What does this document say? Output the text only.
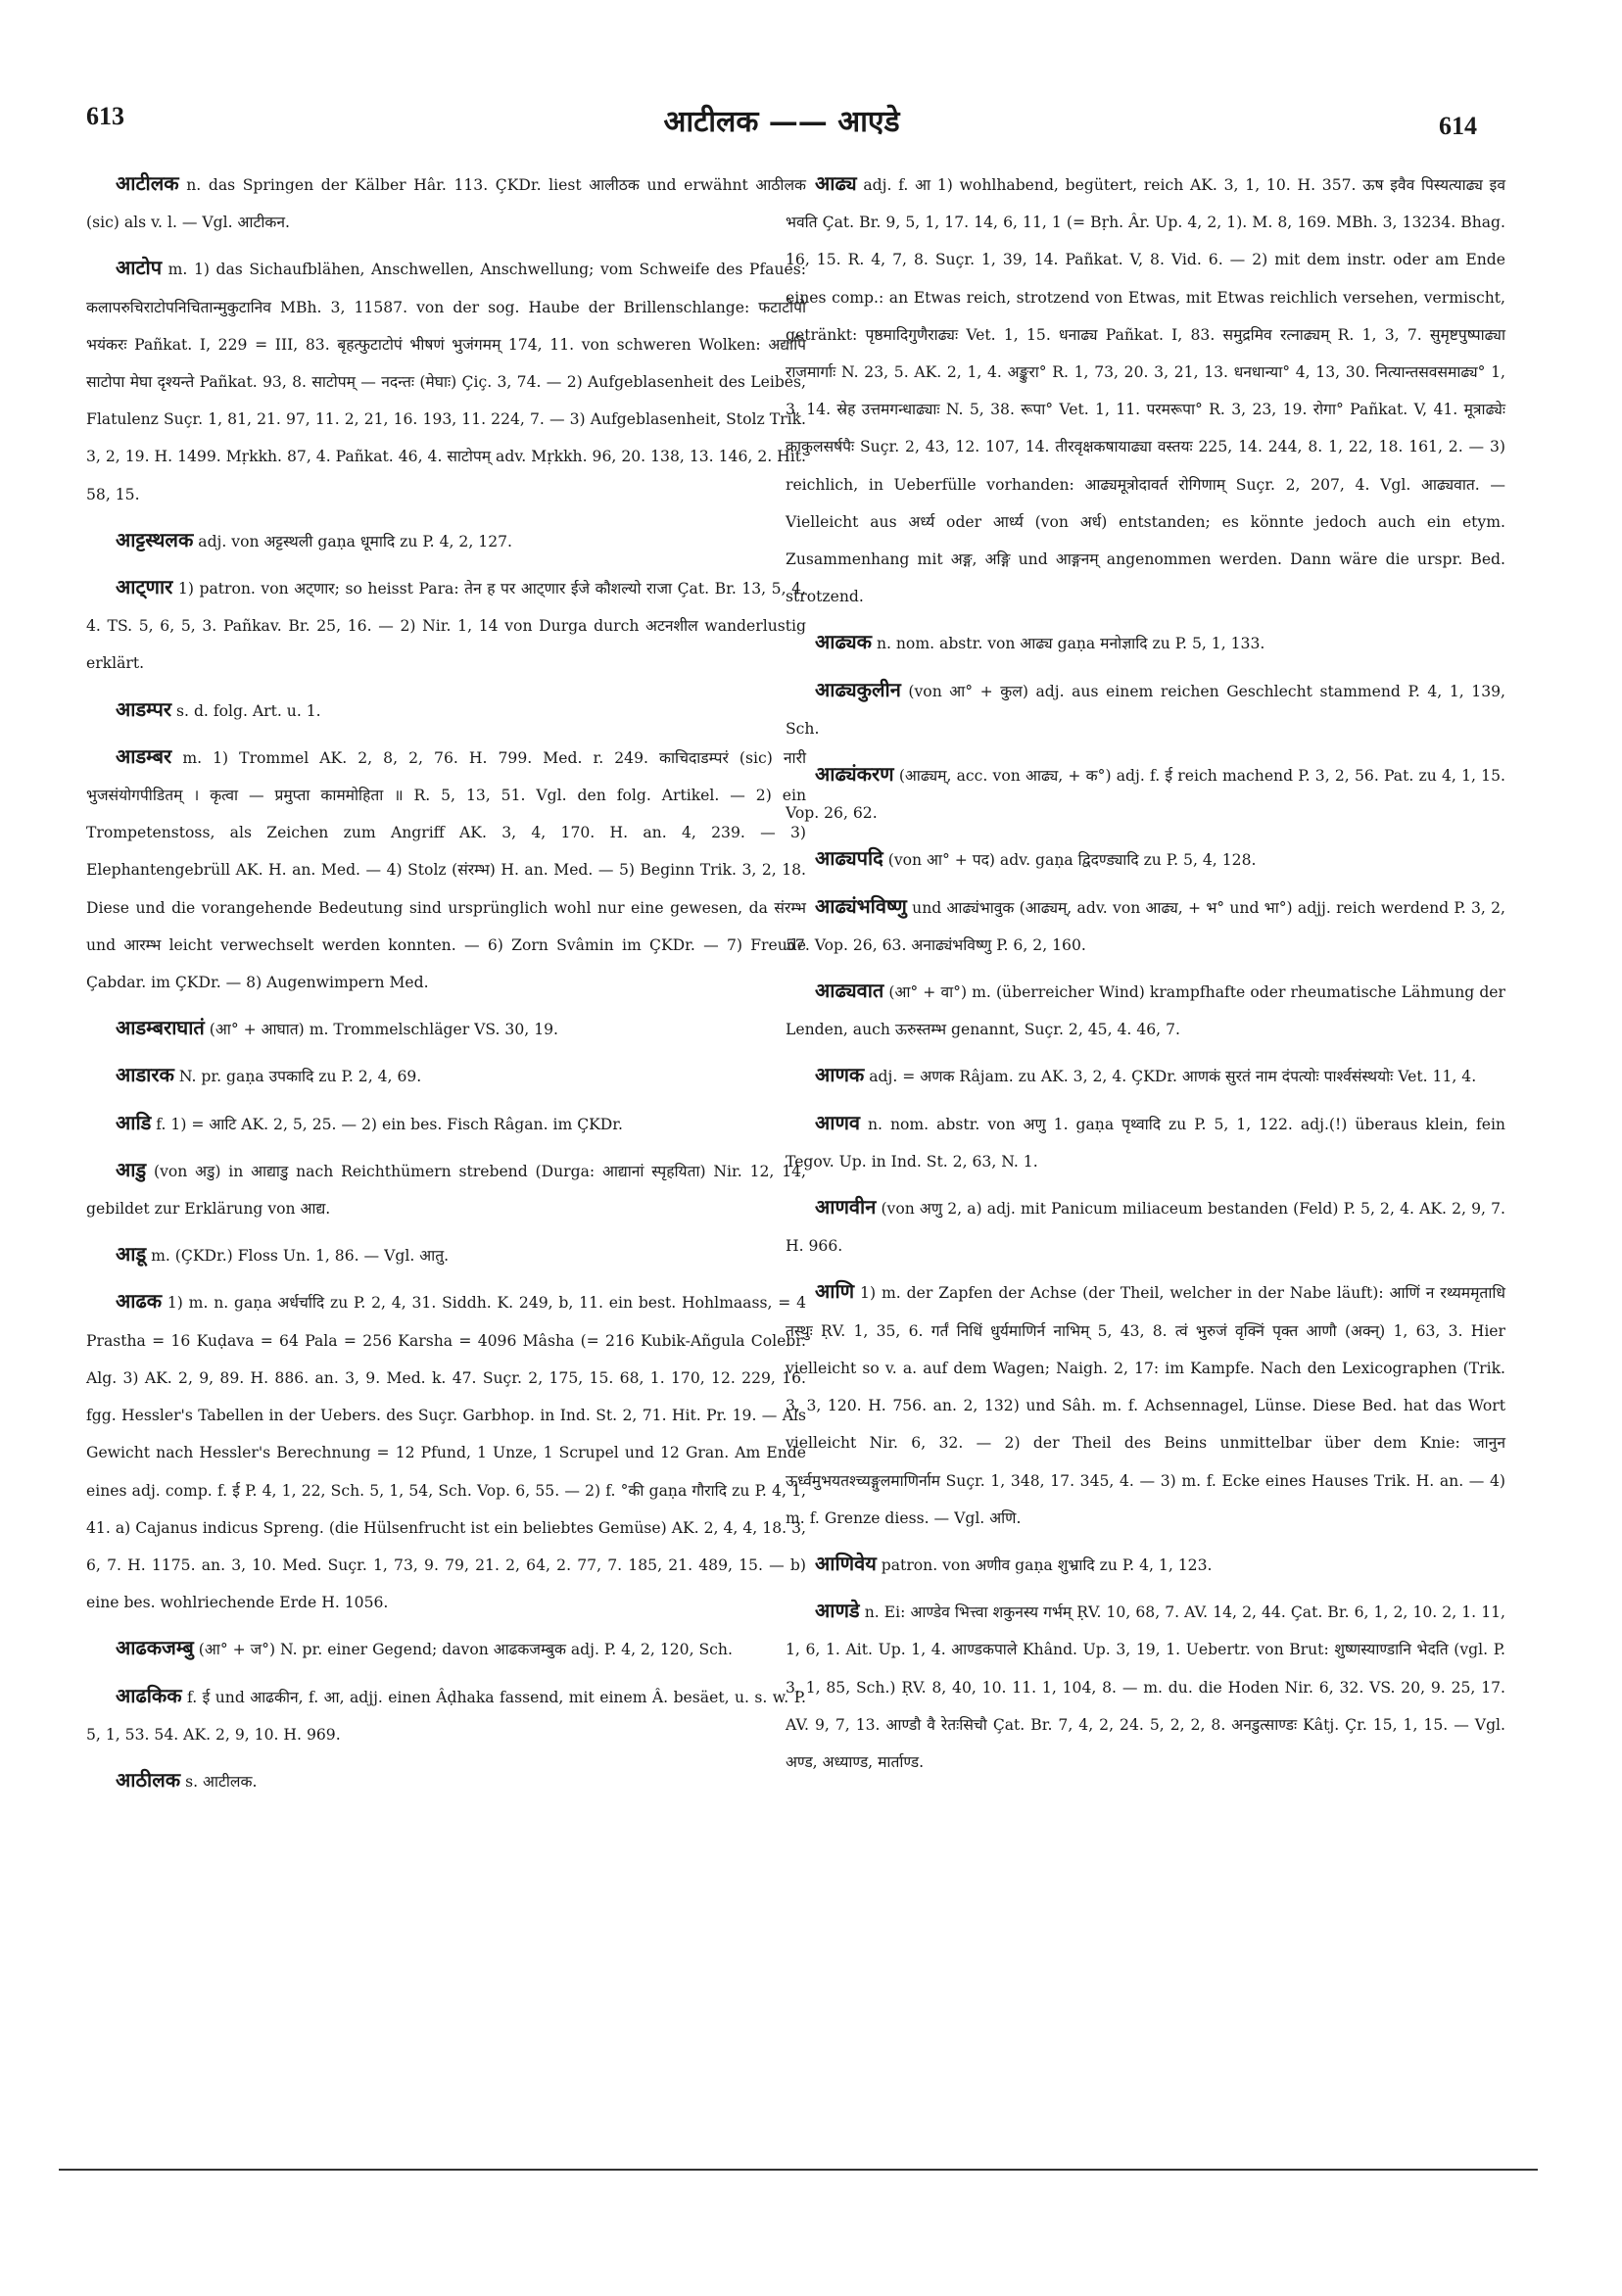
613	आटीलक —— आएडे	614

आटीलक n. das Springen der Kälber Hâr. 113. ÇKDr. liest आलीठक und erwähnt आठीलक (sic) als v. l. — Vgl. आटीकन.

आटोप m. 1) das Sichaufblähen, Anschwellen, Anschwellung; vom Schweife des Pfaues: कलापरुचिराटोपनिचितान्मुकुटानिव MBh. 3, 11587. von der sog. Haube der Brillenschlange: फटाटोपो भयंकरः Pañkat. I, 229 = III, 83. बृहत्फुटाटोपं भीषणं भुजंगमम् 174, 11. von schweren Wolken: अद्यापि साटोपा मेघा दृश्यन्ते Pañkat. 93, 8. साटोपम् — नदन्तः (मेघाः) Çiç. 3, 74. — 2) Aufgeblasenheit des Leibes, Flatulenz Suçr. 1, 81, 21. 97, 11. 2, 21, 16. 193, 11. 224, 7. — 3) Aufgeblasenheit, Stolz Trik. 3, 2, 19. H. 1499. Mṛkkh. 87, 4. Pañkat. 46, 4. साटोपम् adv. Mṛkkh. 96, 20. 138, 13. 146, 2. Hit. 58, 15.

आट्टस्थलक adj. von अट्टस्थली gaṇa धूमादि zu P. 4, 2, 127.

आट्णार 1) patron. von अट्णार; so heisst Para: तेन ह पर आट्णार ईजे कौशल्यो राजा Çat. Br. 13, 5, 4, 4. TS. 5, 6, 5, 3. Pañkav. Br. 25, 16. — 2) Nir. 1, 14 von Durga durch अटनशील wanderlustig erklärt.

आडम्पर s. d. folg. Art. u. 1.

आडम्बर m. 1) Trommel AK. 2, 8, 2, 76. H. 799. Med. r. 249. काचिदाडम्परं (sic) नारी भुजसंयोगपीडितम् । कृत्वा — प्रमुप्ता काममोहिता ॥ R. 5, 13, 51. Vgl. den folg. Artikel. — 2) ein Trompetenstoss, als Zeichen zum Angriff AK. 3, 4, 170. H. an. 4, 239. — 3) Elephantengebrüll AK. H. an. Med. — 4) Stolz (संरम्भ) H. an. Med. — 5) Beginn Trik. 3, 2, 18. Diese und die vorangehende Bedeutung sind ursprünglich wohl nur eine gewesen, da संरम्भ und आरम्भ leicht verwechselt werden konnten. — 6) Zorn Svâmin im ÇKDr. — 7) Freude Çabdar. im ÇKDr. — 8) Augenwimpern Med.

आडम्बराघातं (आ° + आघात) m. Trommelschläger VS. 30, 19.

आडारक N. pr. gaṇa उपकादि zu P. 2, 4, 69.

आडि f. 1) = आटि AK. 2, 5, 25. — 2) ein bes. Fisch Râgan. im ÇKDr.

आडु (von अडु) in आद्याडु nach Reichthümern strebend (Durga: आद्यानां स्पृहयिता) Nir. 12, 14, gebildet zur Erklärung von आद्य.

आडू m. (ÇKDr.) Floss Un. 1, 86. — Vgl. आतु.

आढक 1) m. n. gaṇa अर्धर्चादि zu P. 2, 4, 31. Siddh. K. 249, b, 11. ein best. Hohlmaass, = 4 Prastha = 16 Kuḍava = 64 Pala = 256 Karsha = 4096 Mâsha (= 216 Kubik-Añgula Colebr. Alg. 3) AK. 2, 9, 89. H. 886. an. 3, 9. Med. k. 47. Suçr. 2, 175, 15. 68, 1. 170, 12. 229, 16. fgg. Hessler's Tabellen in der Uebers. des Suçr. Garbhop. in Ind. St. 2, 71. Hit. Pr. 19. — Als Gewicht nach Hessler's Berechnung = 12 Pfund, 1 Unze, 1 Scrupel und 12 Gran. Am Ende eines adj. comp. f. ई P. 4, 1, 22, Sch. 5, 1, 54, Sch. Vop. 6, 55. — 2) f. °की gaṇa गौरादि zu P. 4, 1, 41. a) Cajanus indicus Spreng. (die Hülsenfrucht ist ein beliebtes Gemüse) AK. 2, 4, 4, 18. 3, 6, 7. H. 1175. an. 3, 10. Med. Suçr. 1, 73, 9. 79, 21. 2, 64, 2. 77, 7. 185, 21. 489, 15. — b) eine bes. wohlriechende Erde H. 1056.

आढकजम्बु (आ° + ज°) N. pr. einer Gegend; davon आढकजम्बुक adj. P. 4, 2, 120, Sch.

आढकिक f. ई und आढकीन, f. आ, adjj. einen Âḍhaka fassend, mit einem Â. besäet, u. s. w. P. 5, 1, 53. 54. AK. 2, 9, 10. H. 969.

आठीलक s. आटीलक.

आढ्य adj. f. आ 1) wohlhabend, begütert, reich AK. 3, 1, 10. H. 357. ऊष इवैव पिस्यत्याढ्य इव भवति Çat. Br. 9, 5, 1, 17. 14, 6, 11, 1 (= Bṛh. Âr. Up. 4, 2, 1). M. 8, 169. MBh. 3, 13234. Bhag. 16, 15. R. 4, 7, 8. Suçr. 1, 39, 14. Pañkat. V, 8. Vid. 6. — 2) mit dem instr. oder am Ende eines comp.: an Etwas reich, strotzend von Etwas, mit Etwas reichlich versehen, vermischt, getränkt: पृष्ठमादिगुणैराढ्यः Vet. 1, 15. धनाढ्य Pañkat. I, 83. समुद्रमिव रत्नाढ्यम् R. 1, 3, 7. सुमृष्टपुष्पाढ्या राजमार्गाः N. 23, 5. AK. 2, 1, 4. अङ्कुरा° R. 1, 73, 20. 3, 21, 13. धनधान्या° 4, 13, 30. नित्यान्तसवसमाढ्य° 1, 3, 14. स्रेह उत्तमगन्धाढ्याः N. 5, 38. रूपा° Vet. 1, 11. परमरूपा° R. 3, 23, 19. रोगा° Pañkat. V, 41. मूत्राढ्येः काकुलसर्षपैः Suçr. 2, 43, 12. 107, 14. तीरवृक्षकषायाढ्या वस्तयः 225, 14. 244, 8. 1, 22, 18. 161, 2. — 3) reichlich, in Ueberfülle vorhanden: आढ्यमूत्रोदावर्त रोगिणाम् Suçr. 2, 207, 4. Vgl. आढ्यवात. — Vielleicht aus अर्ध्य oder आर्ध्य (von अर्ध) entstanden; es könnte jedoch auch ein etym. Zusammenhang mit अङ्ग, अङ्गि und आङ्गनम् angenommen werden. Dann wäre die urspr. Bed. strotzend.

आढ्यक n. nom. abstr. von आढ्य gaṇa मनोज्ञादि zu P. 5, 1, 133.

आढ्यकुलीन (von आ° + कुल) adj. aus einem reichen Geschlecht stammend P. 4, 1, 139, Sch.

आढ्यंकरण (आढ्यम्, acc. von आढ्य, + क°) adj. f. ई reich machend P. 3, 2, 56. Pat. zu 4, 1, 15. Vop. 26, 62.

आढ्यपदि (von आ° + पद) adv. gaṇa द्विदण्ड्यादि zu P. 5, 4, 128.

आढ्यंभविष्णु und आढ्यंभावुक (आढ्यम्, adv. von आढ्य, + भ° und भा°) adjj. reich werdend P. 3, 2, 57. Vop. 26, 63. अनाढ्यंभविष्णु P. 6, 2, 160.

आढ्यवात (आ° + वा°) m. (überreicher Wind) krampfhafte oder rheumatische Lähmung der Lenden, auch ऊरुस्तम्भ genannt, Suçr. 2, 45, 4. 46, 7.

आणक adj. = अणक Râjam. zu AK. 3, 2, 4. ÇKDr. आणकं सुरतं नाम दंपत्योः पार्श्वसंस्थयोः Vet. 11, 4.

आणव n. nom. abstr. von अणु 1. gaṇa पृथ्वादि zu P. 5, 1, 122. adj.(!) überaus klein, fein Tegov. Up. in Ind. St. 2, 63, N. 1.

आणवीन (von अणु 2, a) adj. mit Panicum miliaceum bestanden (Feld) P. 5, 2, 4. AK. 2, 9, 7. H. 966.

आणि 1) m. der Zapfen der Achse (der Theil, welcher in der Nabe läuft): आणिं न रथ्यममृताधि तस्थुः ṚV. 1, 35, 6. गर्तं निधिं धुर्यमाणिर्न नाभिम् 5, 43, 8. त्वं भुरुजं वृक्निं पृक्त आणौ (अक्न्) 1, 63, 3. Hier vielleicht so v. a. auf dem Wagen; Naigh. 2, 17: im Kampfe. Nach den Lexicographen (Trik. 3, 3, 120. H. 756. an. 2, 132) und Sâh. m. f. Achsennagel, Lünse. Diese Bed. hat das Wort vielleicht Nir. 6, 32. — 2) der Theil des Beins unmittelbar über dem Knie: जानुन ऊर्ध्वमुभयतश्च्यङ्गुलमाणिर्नाम Suçr. 1, 348, 17. 345, 4. — 3) m. f. Ecke eines Hauses Trik. H. an. — 4) m. f. Grenze diess. — Vgl. अणि.

आणिवेय patron. von अणीव gaṇa शुभ्रादि zu P. 4, 1, 123.

आणडे n. Ei: आण्डेव भित्त्वा शकुनस्य गर्भम् ṚV. 10, 68, 7. AV. 14, 2, 44. Çat. Br. 6, 1, 2, 10. 2, 1. 11, 1, 6, 1. Ait. Up. 1, 4. आण्डकपाले Khând. Up. 3, 19, 1. Uebertr. von Brut: शुष्णस्याण्डानि भेदति (vgl. P. 3, 1, 85, Sch.) ṚV. 8, 40, 10. 11. 1, 104, 8. — m. du. die Hoden Nir. 6, 32. VS. 20, 9. 25, 17. AV. 9, 7, 13. आण्डौ वै रेतःसिचौ Çat. Br. 7, 4, 2, 24. 5, 2, 2, 8. अनडुत्साण्डः Kâtj. Çr. 15, 1, 15. — Vgl. अण्ड, अध्याण्ड, मार्ताण्ड.
